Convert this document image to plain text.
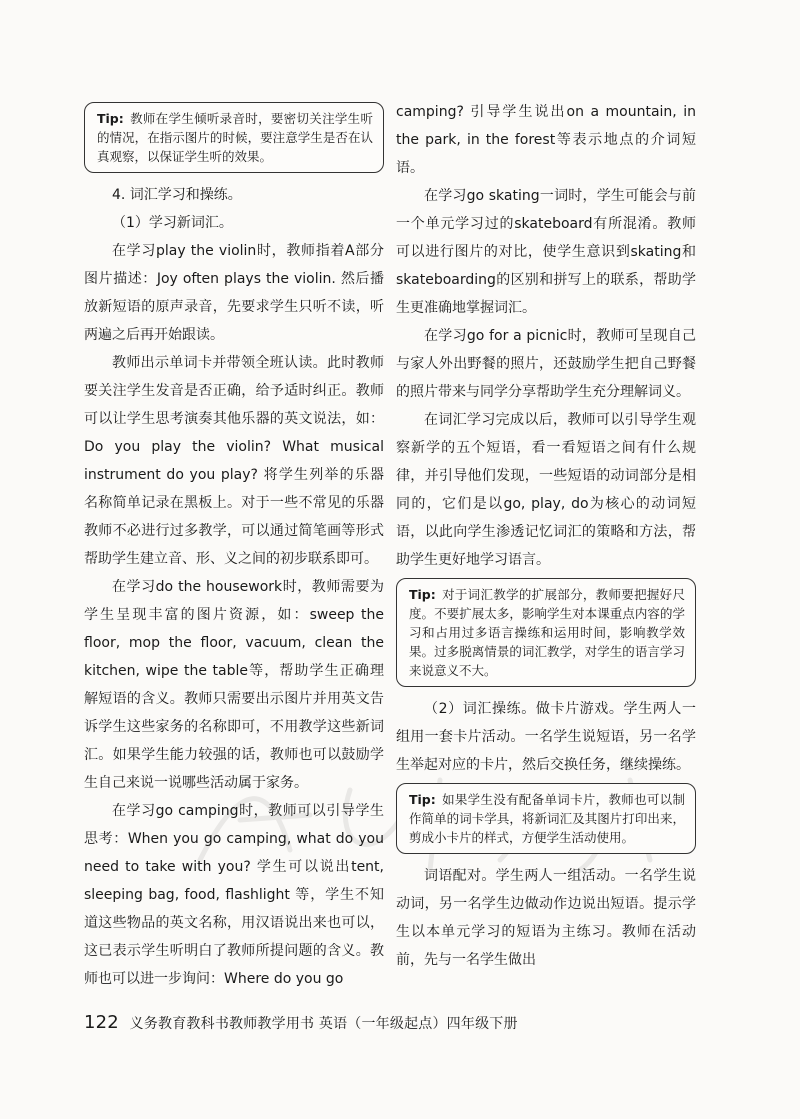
Tip: 教师在学生倾听录音时，要密切关注学生听的情况，在指示图片的时候，要注意学生是否在认真观察，以保证学生听的效果。

4. 词汇学习和操练。

（1）学习新词汇。

在学习play the violin时，教师指着A部分图片描述：Joy often plays the violin. 然后播放新短语的原声录音，先要求学生只听不读，听两遍之后再开始跟读。

教师出示单词卡并带领全班认读。此时教师要关注学生发音是否正确，给予适时纠正。教师可以让学生思考演奏其他乐器的英文说法，如：Do you play the violin? What musical instrument do you play? 将学生列举的乐器名称简单记录在黑板上。对于一些不常见的乐器教师不必进行过多教学，可以通过简笔画等形式帮助学生建立音、形、义之间的初步联系即可。

在学习do the housework时，教师需要为学生呈现丰富的图片资源，如：sweep the floor, mop the floor, vacuum, clean the kitchen, wipe the table等，帮助学生正确理解短语的含义。教师只需要出示图片并用英文告诉学生这些家务的名称即可，不用教学这些新词汇。如果学生能力较强的话，教师也可以鼓励学生自己来说一说哪些活动属于家务。

在学习go camping时，教师可以引导学生思考：When you go camping, what do you need to take with you? 学生可以说出tent, sleeping bag, food, flashlight 等，学生不知道这些物品的英文名称，用汉语说出来也可以，这已表示学生听明白了教师所提问题的含义。教师也可以进一步询问：Where do you go

camping? 引导学生说出on a mountain, in the park, in the forest等表示地点的介词短语。

在学习go skating一词时，学生可能会与前一个单元学习过的skateboard有所混淆。教师可以进行图片的对比，使学生意识到skating和skateboarding的区别和拼写上的联系，帮助学生更准确地掌握词汇。

在学习go for a picnic时，教师可呈现自己与家人外出野餐的照片，还鼓励学生把自己野餐的照片带来与同学分享帮助学生充分理解词义。

在词汇学习完成以后，教师可以引导学生观察新学的五个短语，看一看短语之间有什么规律，并引导他们发现，一些短语的动词部分是相同的，它们是以go, play, do为核心的动词短语，以此向学生渗透记忆词汇的策略和方法，帮助学生更好地学习语言。

Tip: 对于词汇教学的扩展部分，教师要把握好尺度。不要扩展太多，影响学生对本课重点内容的学习和占用过多语言操练和运用时间，影响教学效果。过多脱离情景的词汇教学，对学生的语言学习来说意义不大。

（2）词汇操练。做卡片游戏。学生两人一组用一套卡片活动。一名学生说短语，另一名学生举起对应的卡片，然后交换任务，继续操练。

Tip: 如果学生没有配备单词卡片，教师也可以制作简单的词卡学具，将新词汇及其图片打印出来，剪成小卡片的样式，方便学生活动使用。

词语配对。学生两人一组活动。一名学生说动词，另一名学生边做动作边说出短语。提示学生以本单元学习的短语为主练习。教师在活动前，先与一名学生做出

122 义务教育教科书教师教学用书 英语（一年级起点）四年级下册
